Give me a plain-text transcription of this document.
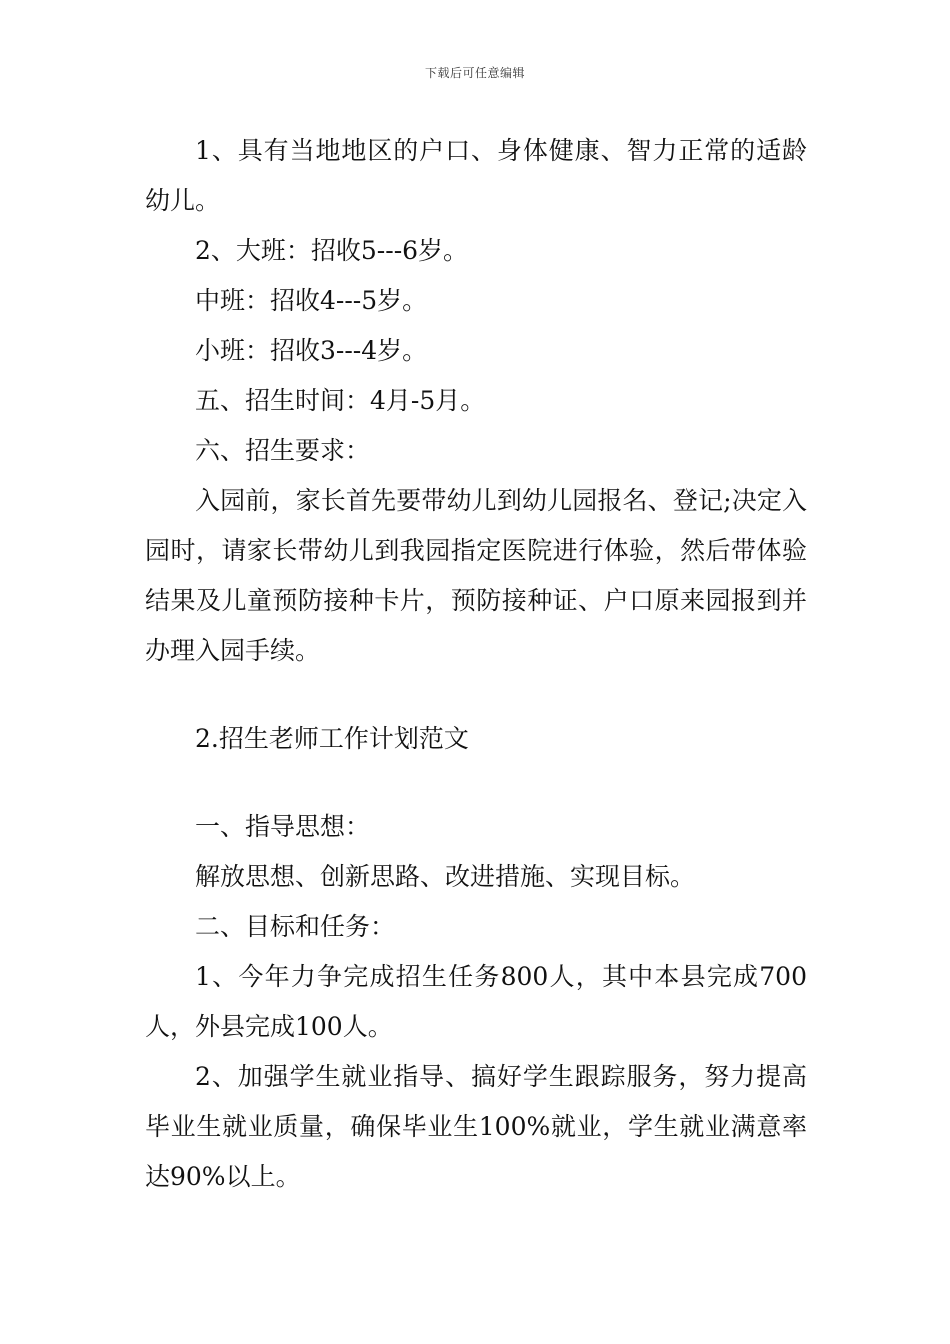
下载后可任意编辑

1、具有当地地区的户口、身体健康、智力正常的适龄幼儿。

2、大班：招收5---6岁。

中班：招收4---5岁。

小班：招收3---4岁。

五、招生时间：4月-5月。

六、招生要求：

入园前，家长首先要带幼儿到幼儿园报名、登记;决定入园时，请家长带幼儿到我园指定医院进行体验，然后带体验结果及儿童预防接种卡片，预防接种证、户口原来园报到并办理入园手续。

2.招生老师工作计划范文

一、指导思想：

解放思想、创新思路、改进措施、实现目标。

二、目标和任务：

1、今年力争完成招生任务800人，其中本县完成700人，外县完成100人。

2、加强学生就业指导、搞好学生跟踪服务，努力提高毕业生就业质量，确保毕业生100%就业，学生就业满意率达90%以上。
